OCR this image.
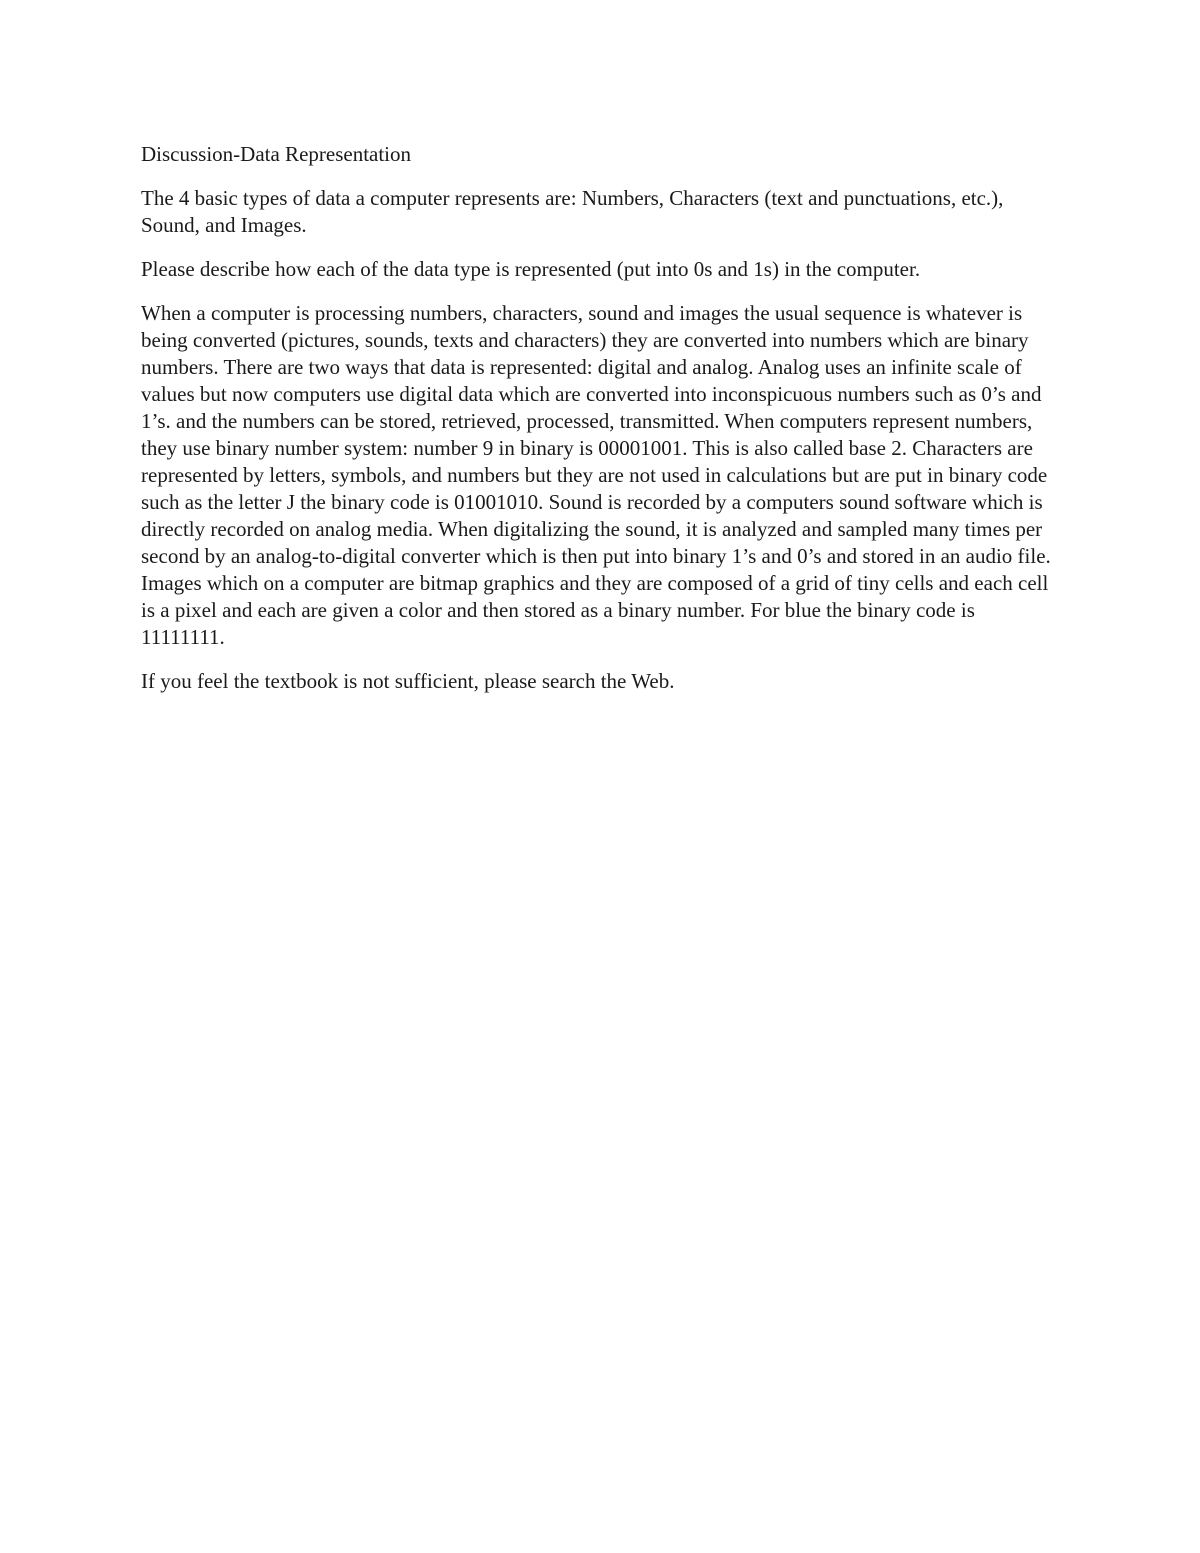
Discussion-Data Representation

The 4 basic types of data a computer represents are: Numbers, Characters (text and punctuations, etc.), Sound, and Images.

Please describe how each of the data type is represented (put into 0s and 1s) in the computer.

When a computer is processing numbers, characters, sound and images the usual sequence is whatever is being converted (pictures, sounds, texts and characters) they are converted into numbers which are binary numbers. There are two ways that data is represented: digital and analog. Analog uses an infinite scale of values but now computers use digital data which are converted into inconspicuous numbers such as 0’s and 1’s. and the numbers can be stored, retrieved, processed, transmitted. When computers represent numbers, they use binary number system: number 9 in binary is 00001001. This is also called base 2. Characters are represented by letters, symbols, and numbers but they are not used in calculations but are put in binary code such as the letter J the binary code is 01001010. Sound is recorded by a computers sound software which is directly recorded on analog media. When digitalizing the sound, it is analyzed and sampled many times per second by an analog-to-digital converter which is then put into binary 1’s and 0’s and stored in an audio file. Images which on a computer are bitmap graphics and they are composed of a grid of tiny cells and each cell is a pixel and each are given a color and then stored as a binary number. For blue the binary code is 11111111.

If you feel the textbook is not sufficient, please search the Web.
